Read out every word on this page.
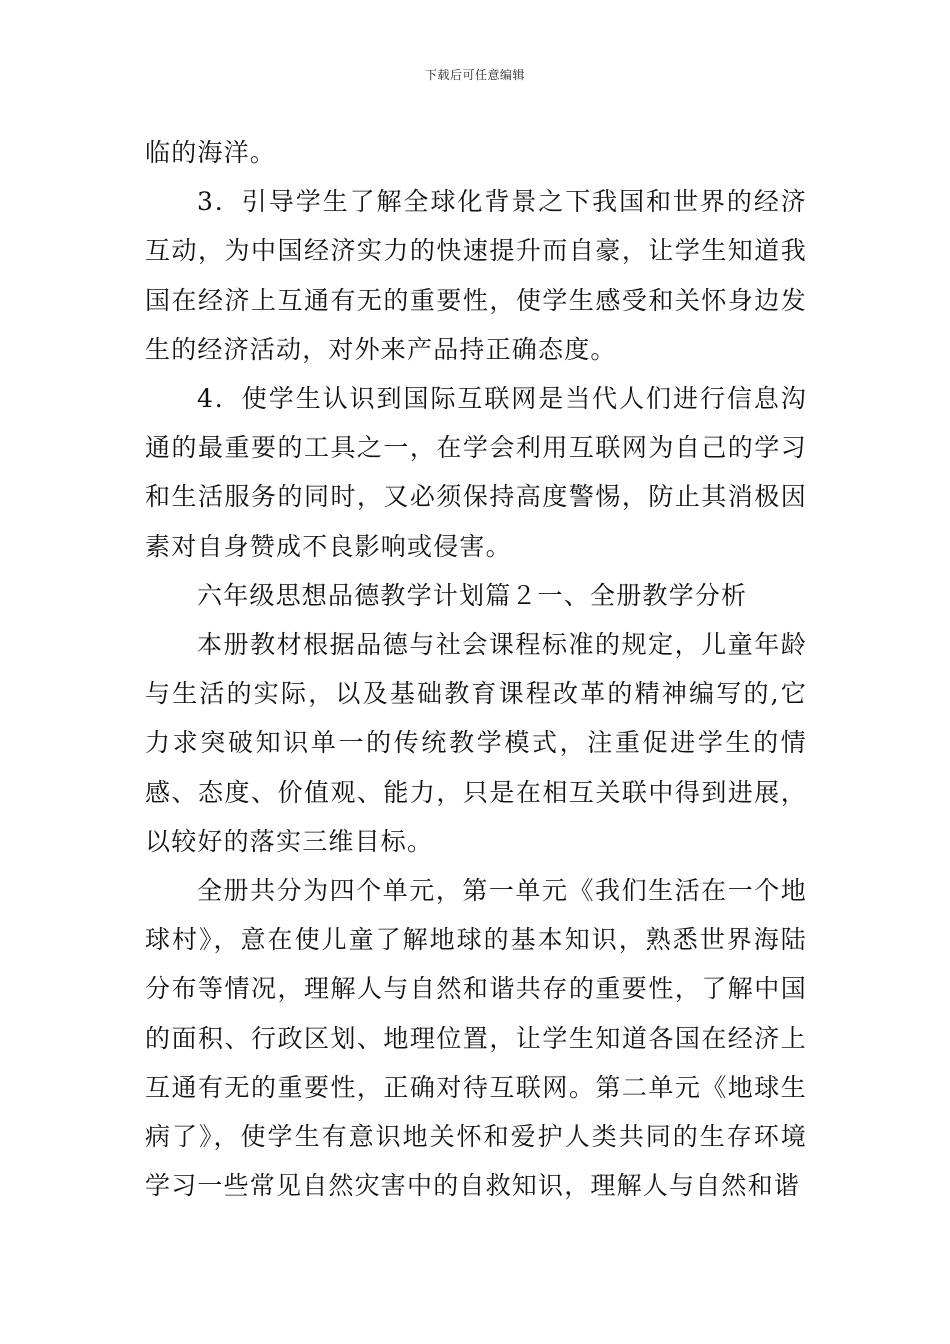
下载后可任意编辑

临的海洋。

3．引导学生了解全球化背景之下我国和世界的经济互动，为中国经济实力的快速提升而自豪，让学生知道我国在经济上互通有无的重要性，使学生感受和关怀身边发生的经济活动，对外来产品持正确态度。

4．使学生认识到国际互联网是当代人们进行信息沟通的最重要的工具之一，在学会利用互联网为自己的学习和生活服务的同时，又必须保持高度警惕，防止其消极因素对自身赞成不良影响或侵害。

六年级思想品德教学计划篇２一、全册教学分析

本册教材根据品德与社会课程标准的规定，儿童年龄与生活的实际，以及基础教育课程改革的精神编写的,它力求突破知识单一的传统教学模式，注重促进学生的情感、态度、价值观、能力，只是在相互关联中得到进展，以较好的落实三维目标。

全册共分为四个单元，第一单元《我们生活在一个地球村》，意在使儿童了解地球的基本知识，熟悉世界海陆分布等情况，理解人与自然和谐共存的重要性，了解中国的面积、行政区划、地理位置，让学生知道各国在经济上互通有无的重要性，正确对待互联网。第二单元《地球生病了》，使学生有意识地关怀和爱护人类共同的生存环境学习一些常见自然灾害中的自救知识，理解人与自然和谐
